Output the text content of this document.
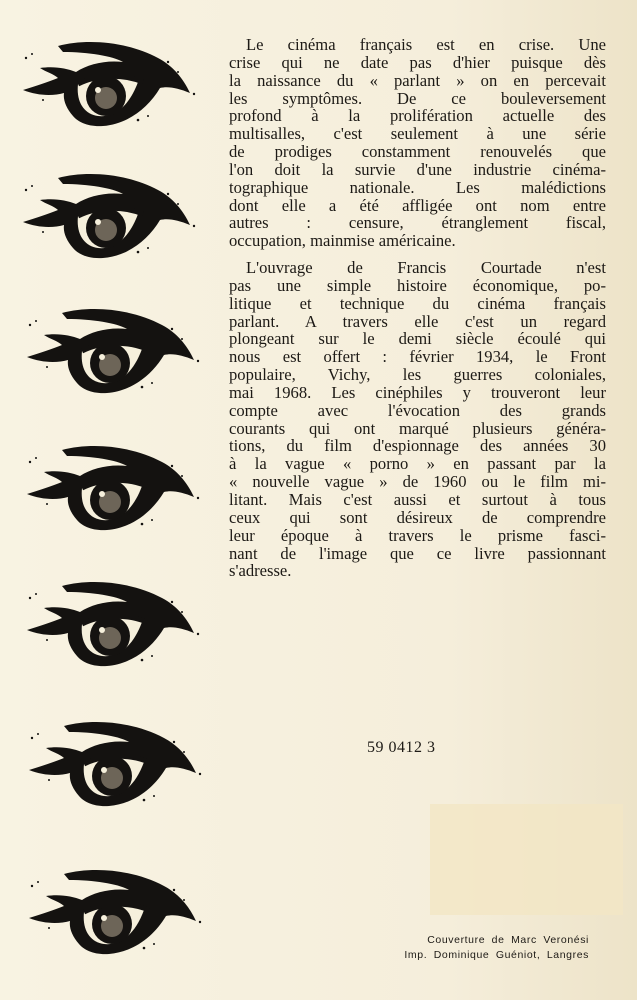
Le cinéma français est en crise. Une
crise qui ne date pas d'hier puisque dès
la naissance du « parlant » on en percevait
les symptômes. De ce bouleversement
profond à la prolifération actuelle des
multisalles, c'est seulement à une série
de prodiges constamment renouvelés que
l'on doit la survie d'une industrie cinéma-
tographique nationale. Les malédictions
dont elle a été affligée ont nom entre
autres : censure, étranglement fiscal,
occupation, mainmise américaine.
L'ouvrage de Francis Courtade n'est
pas une simple histoire économique, po-
litique et technique du cinéma français
parlant. A travers elle c'est un regard
plongeant sur le demi siècle écoulé qui
nous est offert : février 1934, le Front
populaire, Vichy, les guerres coloniales,
mai 1968. Les cinéphiles y trouveront leur
compte avec l'évocation des grands
courants qui ont marqué plusieurs généra-
tions, du film d'espionnage des années 30
à la vague « porno » en passant par la
« nouvelle vague » de 1960 ou le film mi-
litant. Mais c'est aussi et surtout à tous
ceux qui sont désireux de comprendre
leur époque à travers le prisme fasci-
nant de l'image que ce livre passionnant
s'adresse.
59 0412 3
Couverture de Marc Veronési
Imp. Dominique Guéniot, Langres
